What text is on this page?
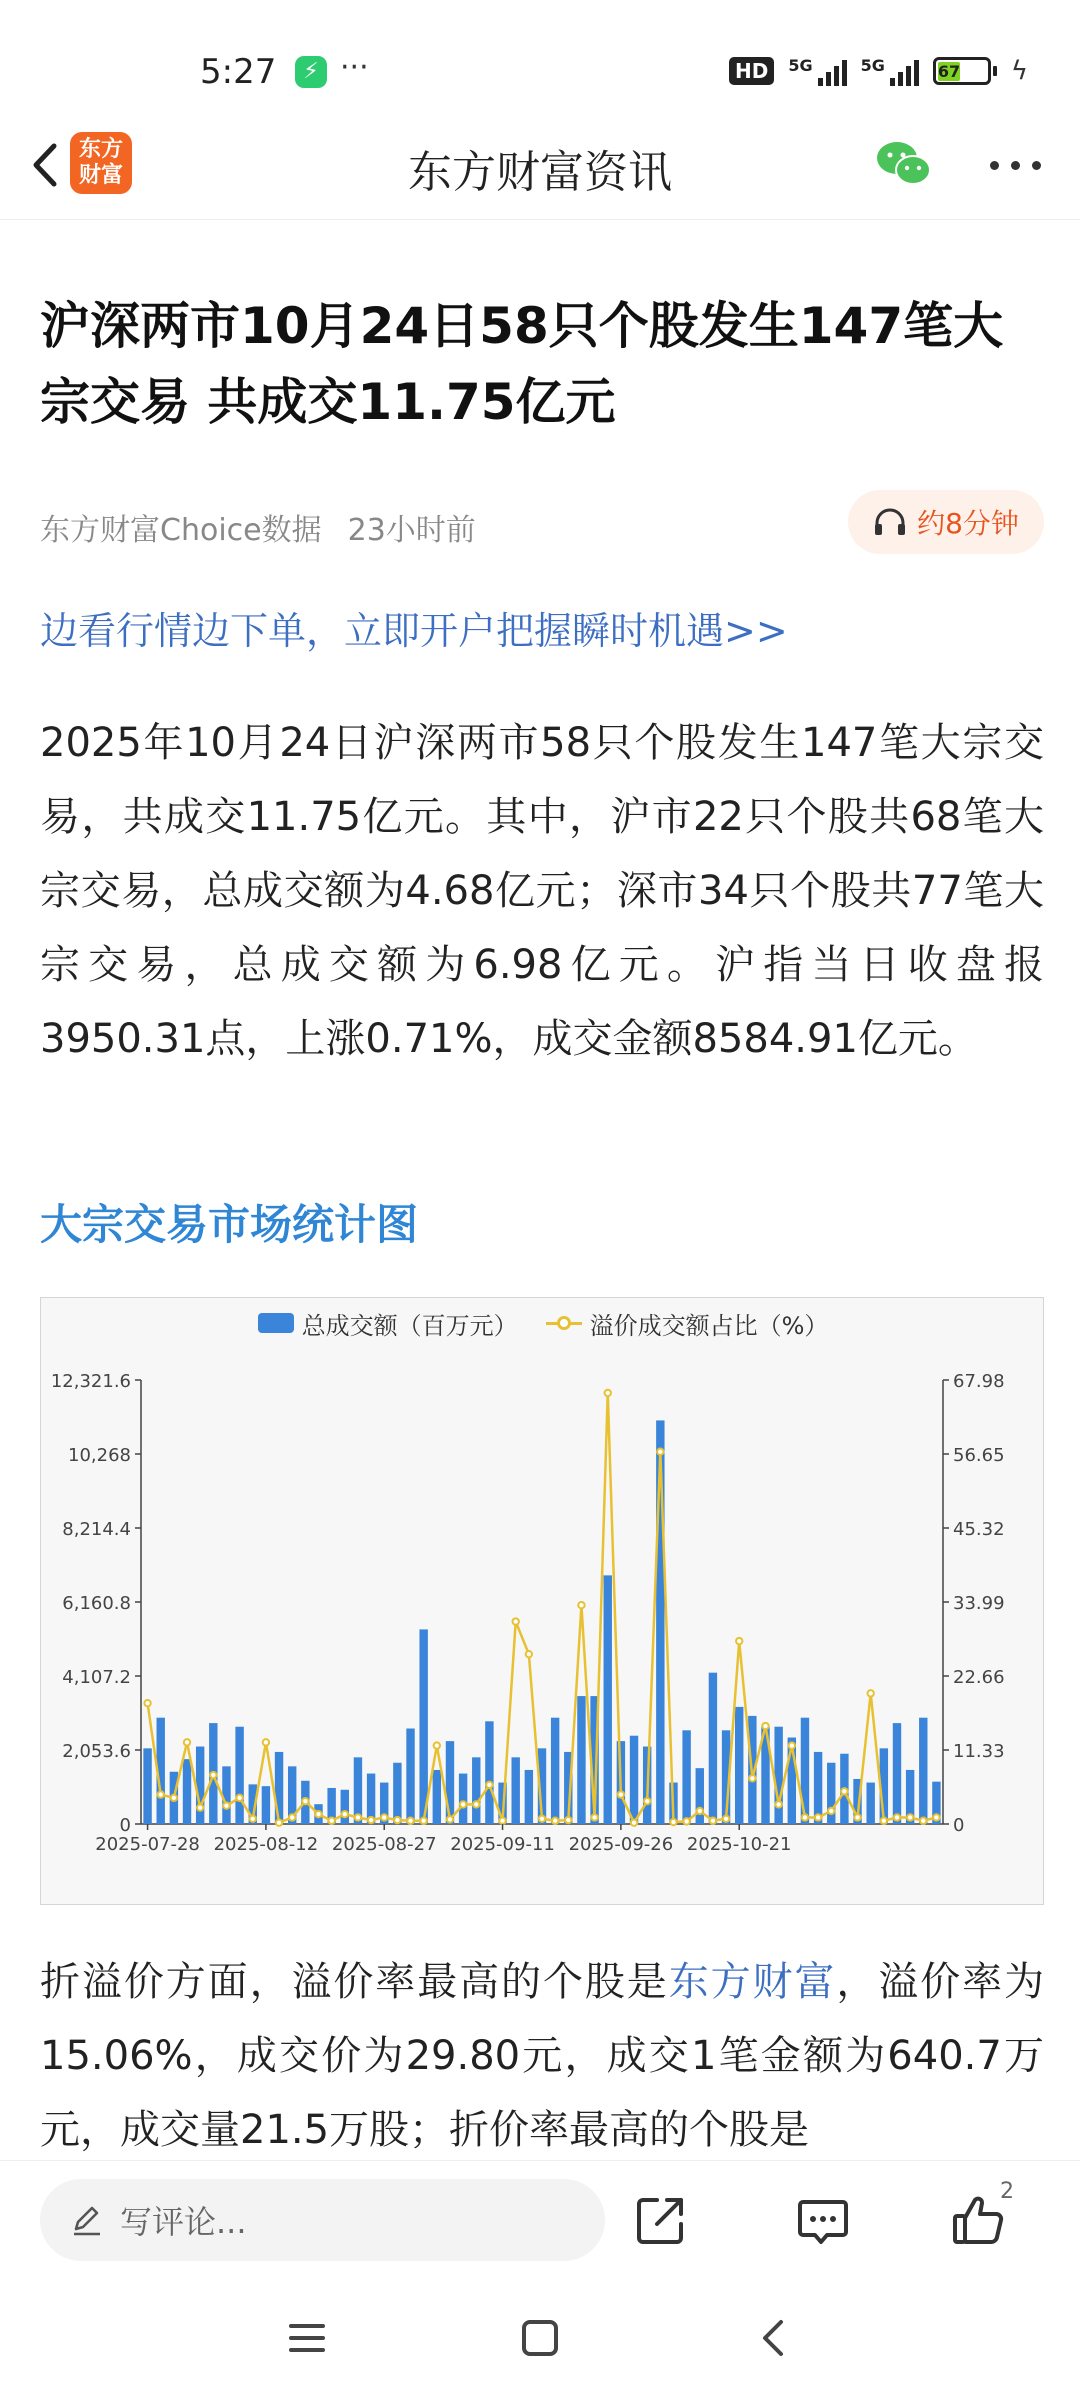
5:27	⚡ ···	HD	5G	5G	67	ϟ
东方财富	东方财富资讯
沪深两市10月24日58只个股发生147笔大宗交易 共成交11.75亿元
东方财富Choice数据 23小时前	约8分钟
边看行情边下单，立即开户把握瞬时机遇>>

2025年10月24日沪深两市58只个股发生147笔大宗交易，共成交11.75亿元。其中，沪市22只个股共68笔大宗交易，总成交额为4.68亿元；深市34只个股共77笔大宗交易，总成交额为6.98亿元。沪指当日收盘报3950.31点，上涨0.71%，成交金额8584.91亿元。

大宗交易市场统计图
总成交额（百万元）	溢价成交额占比（%）
0
2,053.6
4,107.2
6,160.8
8,214.4
10,268
12,321.6
0
11.33
22.66
33.99
45.32
56.65
67.98
2025-07-28 2025-08-12 2025-08-27 2025-09-11 2025-09-26 2025-10-21

折溢价方面，溢价率最高的个股是东方财富，溢价率为15.06%，成交价为29.80元，成交1笔金额为640.7万元，成交量21.5万股；折价率最高的个股是

写评论...
2
